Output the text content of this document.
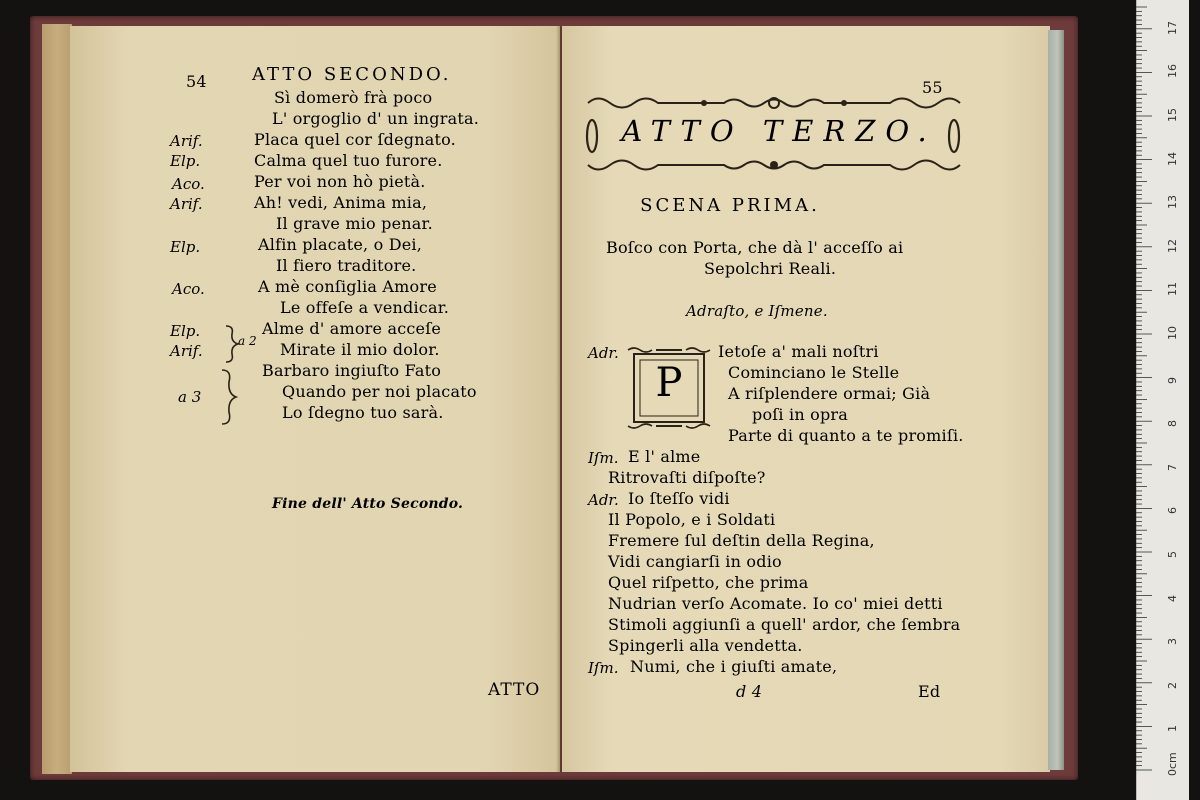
54	ATTO SECONDO.
Sì domerò frà poco
L' orgoglio d' un ingrata.
Arif.	Placa quel cor ſdegnato.
Elp.	Calma quel tuo furore.
Aco.	Per voi non hò pietà.
Arif.	Ah! vedi, Anima mia,
Il grave mio penar.
Elp.	Alfin placate, o Dei,
Il fiero traditore.
Aco.	A mè conſiglia Amore
Le offeſe a vendicar.
Elp.	Alme d' amore acceſe
Arif.	Mirate il mio dolor.
Barbaro ingiuſto Fato
a 3	Quando per noi placato
Lo ſdegno tuo sarà.
a 2
Fine dell' Atto Secondo.
ATTO
55
ATTO TERZO.
SCENA PRIMA.
Boſco con Porta, che dà l' acceſſo ai
Sepolchri Reali.
Adraſto, e Iſmene.
P
Adr.	Ietoſe a' mali noſtri
Cominciano le Stelle
A riſplendere ormai; Già
poſi in opra
Parte di quanto a te promiſi.
Iſm. E l' alme
Ritrovaſti diſpoſte?
Adr. Io ſteſſo vidi
Il Popolo, e i Soldati
Fremere ſul deſtin della Regina,
Vidi cangiarſi in odio
Quel riſpetto, che prima
Nudrian verſo Acomate. Io co' miei detti
Stimoli aggiunſi a quell' ardor, che ſembra
Spingerli alla vendetta.
Iſm. Numi, che i giuſti amate,
d 4	Ed
0cm
1
2
3
4
5
6
7
8
9
10
11
12
13
14
15
16
17
